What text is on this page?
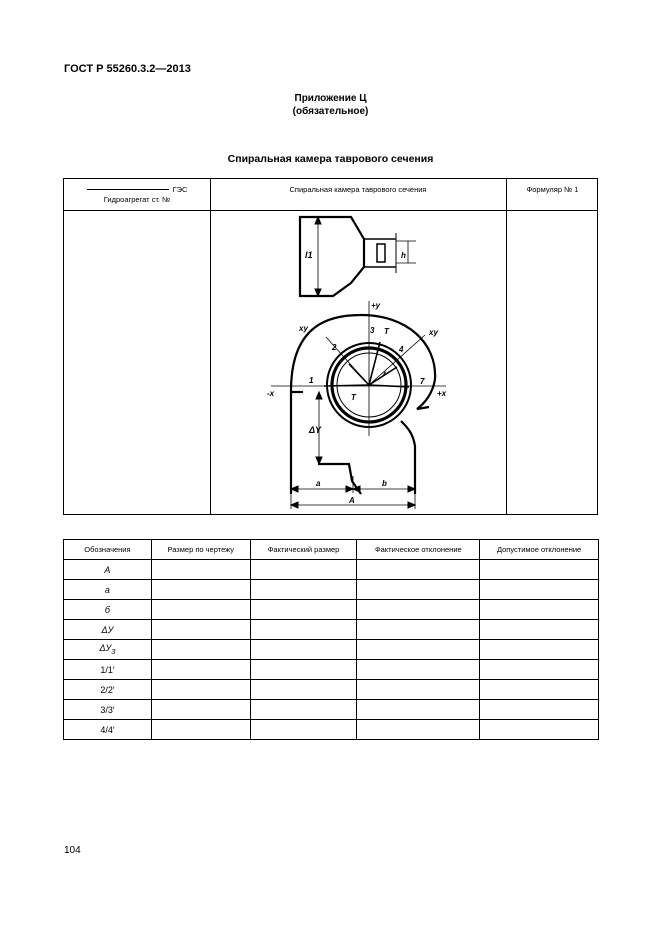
ГОСТ Р 55260.3.2—2013
Приложение Ц
(обязательное)
Спиральная камера таврового сечения
ГЭС
Гидроагрегат ст. №
Спиральная камера таврового сечения	Формуляр № 1
l1	h
+y
-x	+x
xy	xy
1
2
3
4
7
T
T
x
ΔY
a	b
A
Обозначения	Размер по чертежу	Фактический размер	Фактическое отклонение	Допустимое отклонение
А				
а				
б				
ΔУ				
$\Delta У_3$				
1/1′				
2/2′				
3/3′				
4/4′				
104
